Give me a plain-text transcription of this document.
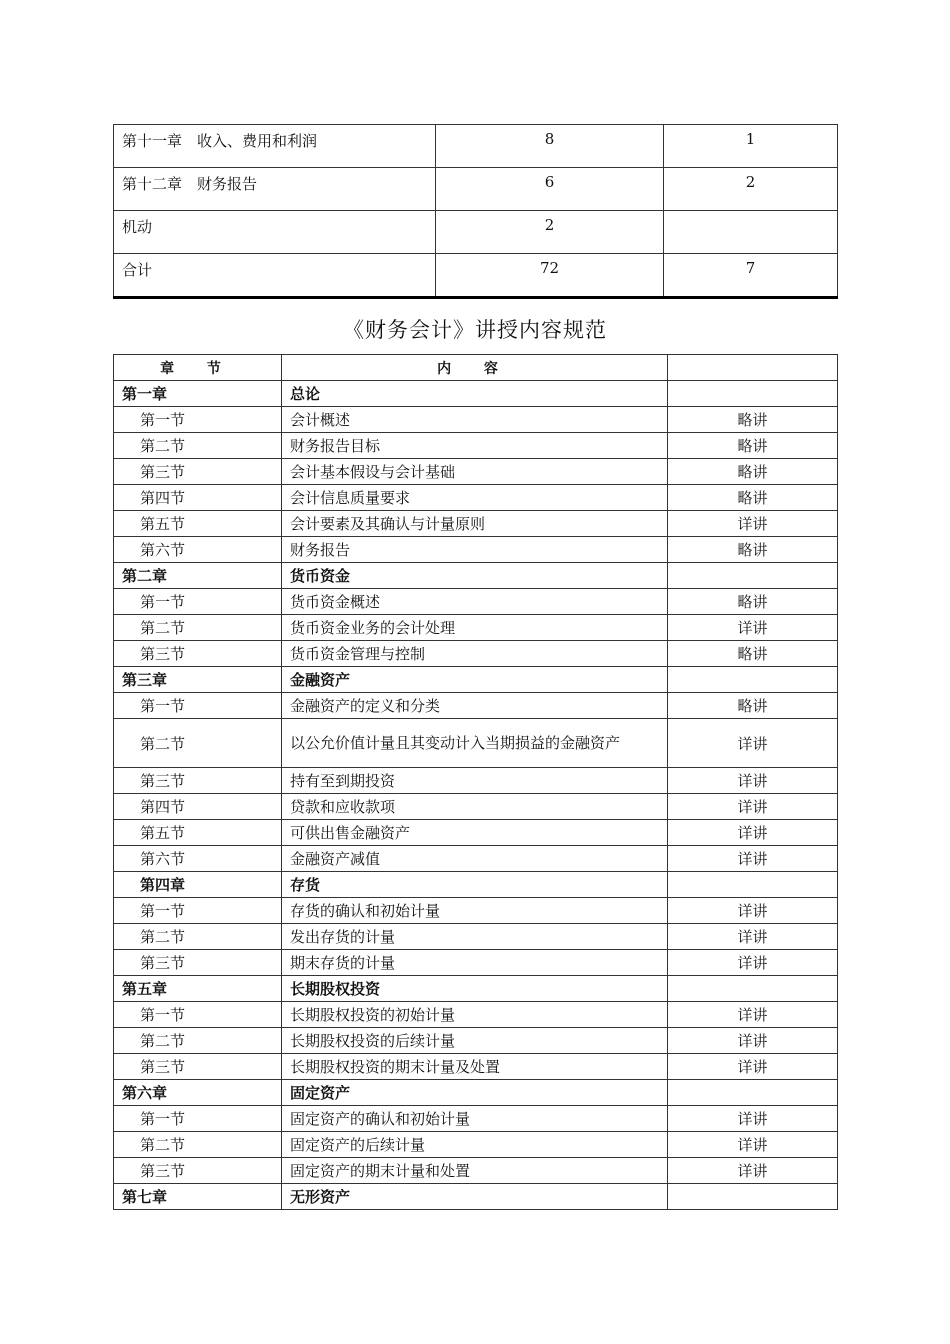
第十一章　收入、费用和利润	8	1
第十二章　财务报告	6	2
机动	2	
合计	72	7
《财务会计》讲授内容规范
章 节	内 容	
第一章	总论	
第一节	会计概述	略讲
第二节	财务报告目标	略讲
第三节	会计基本假设与会计基础	略讲
第四节	会计信息质量要求	略讲
第五节	会计要素及其确认与计量原则	详讲
第六节	财务报告	略讲
第二章	货币资金	
第一节	货币资金概述	略讲
第二节	货币资金业务的会计处理	详讲
第三节	货币资金管理与控制	略讲
第三章	金融资产	
第一节	金融资产的定义和分类	略讲
第二节	以公允价值计量且其变动计入当期损益的金融资产	详讲
第三节	持有至到期投资	详讲
第四节	贷款和应收款项	详讲
第五节	可供出售金融资产	详讲
第六节	金融资产减值	详讲
第四章	存货	
第一节	存货的确认和初始计量	详讲
第二节	发出存货的计量	详讲
第三节	期末存货的计量	详讲
第五章	长期股权投资	
第一节	长期股权投资的初始计量	详讲
第二节	长期股权投资的后续计量	详讲
第三节	长期股权投资的期末计量及处置	详讲
第六章	固定资产	
第一节	固定资产的确认和初始计量	详讲
第二节	固定资产的后续计量	详讲
第三节	固定资产的期末计量和处置	详讲
第七章	无形资产	
